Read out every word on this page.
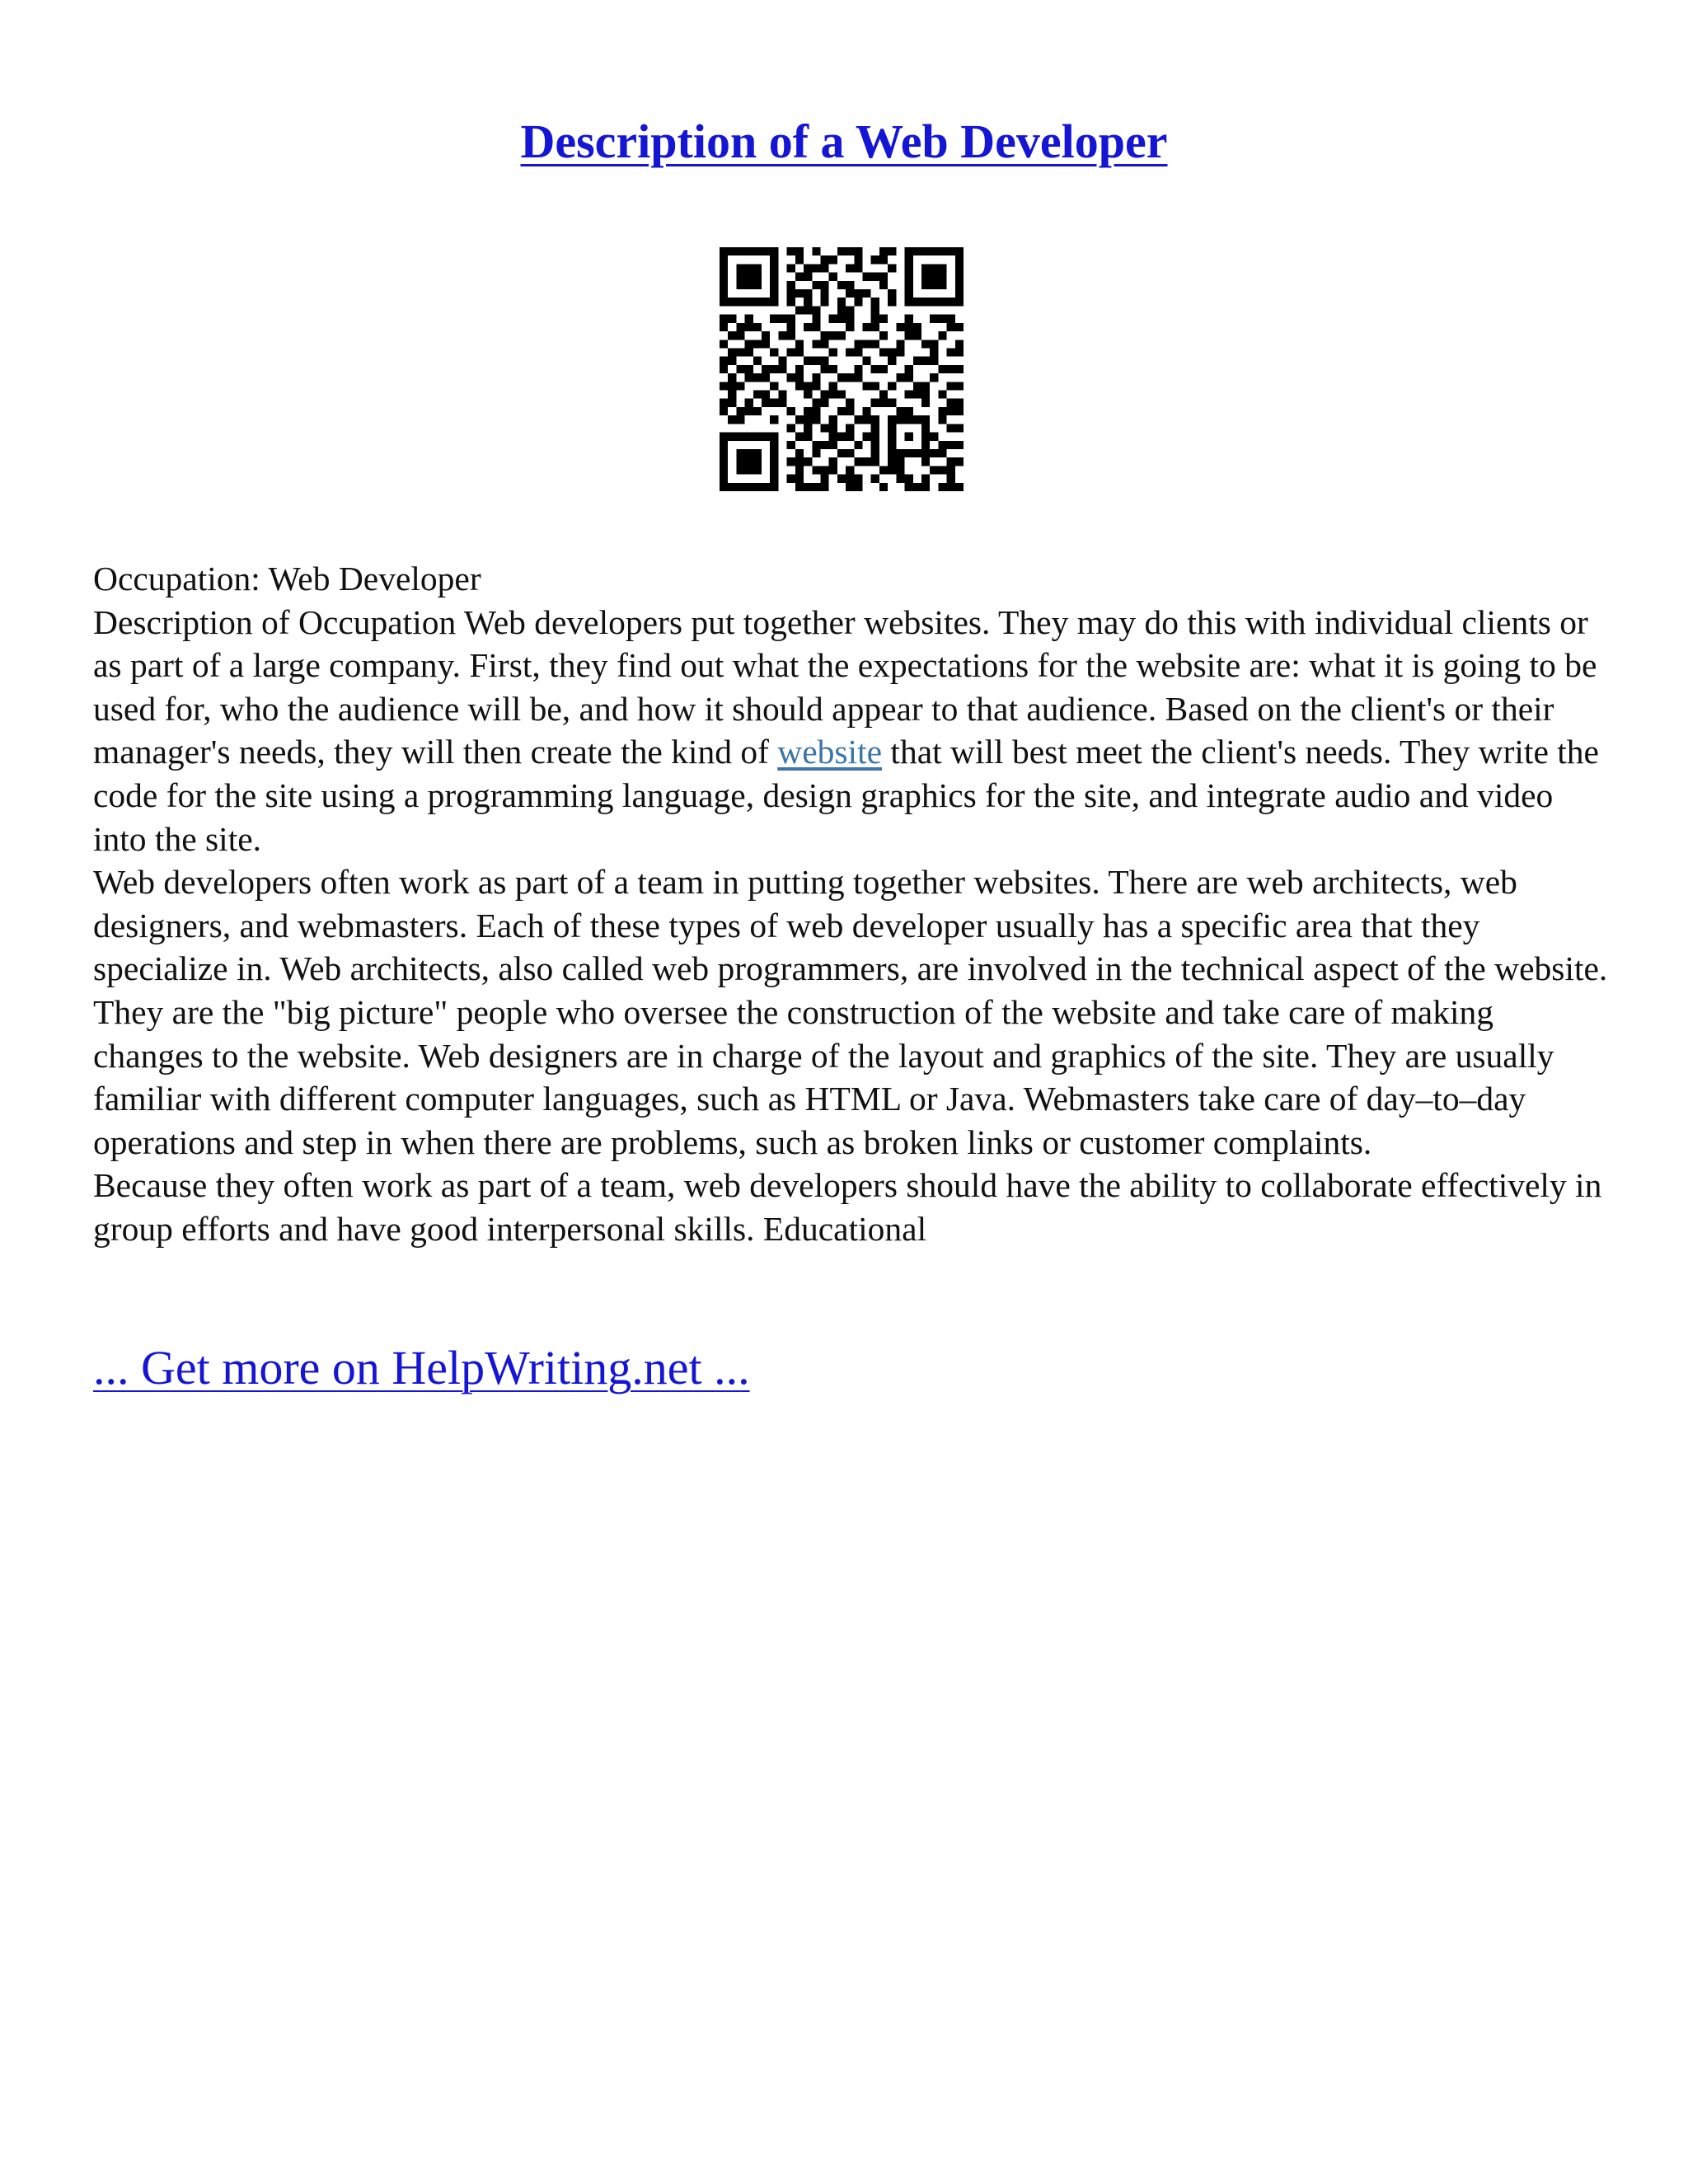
Description of a Web Developer

Occupation: Web Developer

Description of Occupation Web developers put together websites. They may do this with individual clients or as part of a large company. First, they find out what the expectations for the website are: what it is going to be used for, who the audience will be, and how it should appear to that audience. Based on the client's or their manager's needs, they will then create the kind of website that will best meet the client's needs. They write the code for the site using a programming language, design graphics for the site, and integrate audio and video into the site.

Web developers often work as part of a team in putting together websites. There are web architects, web designers, and webmasters. Each of these types of web developer usually has a specific area that they specialize in. Web architects, also called web programmers, are involved in the technical aspect of the website. They are the "big picture" people who oversee the construction of the website and take care of making changes to the website. Web designers are in charge of the layout and graphics of the site. They are usually familiar with different computer languages, such as HTML or Java. Webmasters take care of day–to–day operations and step in when there are problems, such as broken links or customer complaints.

Because they often work as part of a team, web developers should have the ability to collaborate effectively in group efforts and have good interpersonal skills. Educational

... Get more on HelpWriting.net ...
